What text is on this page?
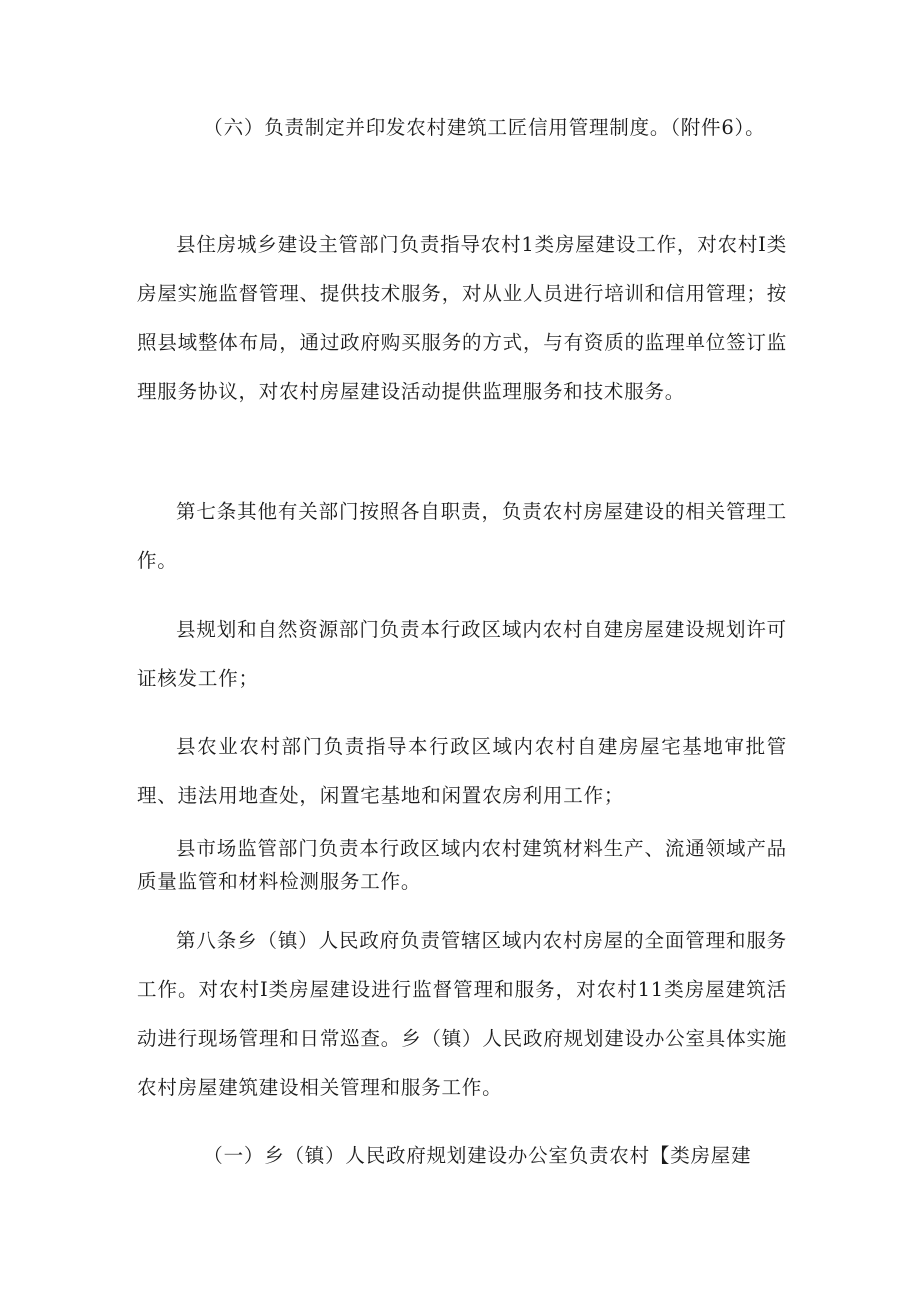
（六）负责制定并印发农村建筑工匠信用管理制度。（附件6）。

县住房城乡建设主管部门负责指导农村1类房屋建设工作，对农村I类房屋实施监督管理、提供技术服务，对从业人员进行培训和信用管理；按照县域整体布局，通过政府购买服务的方式，与有资质的监理单位签订监理服务协议，对农村房屋建设活动提供监理服务和技术服务。

第七条其他有关部门按照各自职责，负责农村房屋建设的相关管理工作。

县规划和自然资源部门负责本行政区域内农村自建房屋建设规划许可证核发工作；

县农业农村部门负责指导本行政区域内农村自建房屋宅基地审批管理、违法用地查处，闲置宅基地和闲置农房利用工作；

县市场监管部门负责本行政区域内农村建筑材料生产、流通领域产品质量监管和材料检测服务工作。

第八条乡（镇）人民政府负责管辖区域内农村房屋的全面管理和服务工作。对农村I类房屋建设进行监督管理和服务，对农村11类房屋建筑活动进行现场管理和日常巡查。乡（镇）人民政府规划建设办公室具体实施农村房屋建筑建设相关管理和服务工作。

（一）乡（镇）人民政府规划建设办公室负责农村【类房屋建
